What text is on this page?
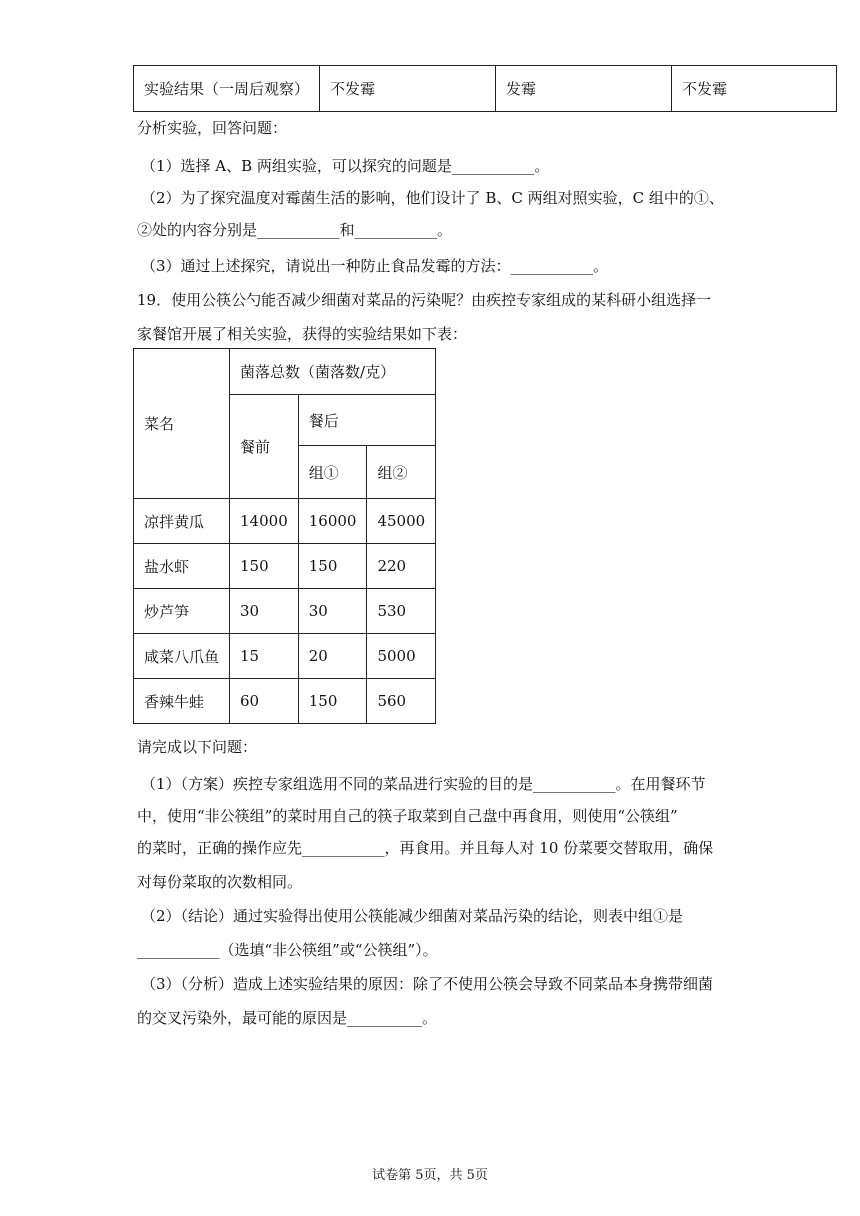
实验结果（一周后观察）	不发霉	发霉	不发霉
分析实验，回答问题：
（1）选择 A、B 两组实验，可以探究的问题是___________。
（2）为了探究温度对霉菌生活的影响，他们设计了 B、C 两组对照实验，C 组中的①、
②处的内容分别是___________和___________。
（3）通过上述探究，请说出一种防止食品发霉的方法：___________。
19．使用公筷公勺能否减少细菌对菜品的污染呢？由疾控专家组成的某科研小组选择一
家餐馆开展了相关实验，获得的实验结果如下表：
菜名	菌落总数（菌落数/克）		
	餐前	餐后	
		组①	组②
凉拌黄瓜	14000	16000	45000
盐水虾	150	150	220
炒芦笋	30	30	530
咸菜八爪鱼	15	20	5000
香辣牛蛙	60	150	560
请完成以下问题：
（1）（方案）疾控专家组选用不同的菜品进行实验的目的是___________。在用餐环节
中，使用“非公筷组”的菜时用自己的筷子取菜到自己盘中再食用，则使用“公筷组”
的菜时，正确的操作应先___________，再食用。并且每人对 10 份菜要交替取用，确保
对每份菜取的次数相同。
（2）（结论）通过实验得出使用公筷能减少细菌对菜品污染的结论，则表中组①是
___________（选填“非公筷组”或“公筷组”）。
（3）（分析）造成上述实验结果的原因：除了不使用公筷会导致不同菜品本身携带细菌
的交叉污染外，最可能的原因是__________。
试卷第 5页，共 5页
